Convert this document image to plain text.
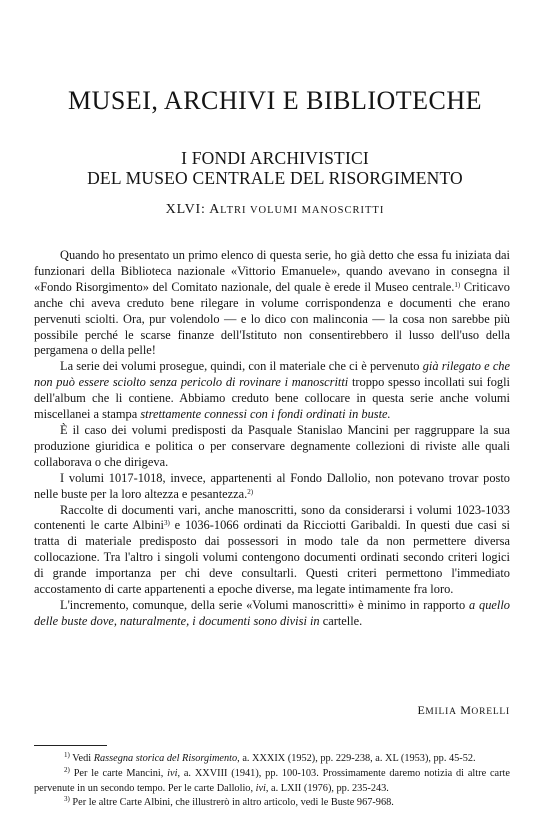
MUSEI, ARCHIVI E BIBLIOTECHE
I FONDI ARCHIVISTICI
DEL MUSEO CENTRALE DEL RISORGIMENTO
XLVI: ALTRI VOLUMI MANOSCRITTI

Quando ho presentato un primo elenco di questa serie, ho già detto che essa fu iniziata dai funzionari della Biblioteca nazionale «Vittorio Emanuele», quando avevano in consegna il «Fondo Risorgimento» del Comitato nazionale, del quale è erede il Museo centrale.$^{1)}$ Criticavo anche chi aveva creduto bene rilegare in volume corrispondenza e documenti che erano pervenuti sciolti. Ora, pur volendolo — e lo dico con malinconia — la cosa non sarebbe più possibile perché le scarse finanze dell'Istituto non consentirebbero il lusso dell'uso della pergamena o della pelle!

La serie dei volumi prosegue, quindi, con il materiale che ci è pervenuto già rilegato e che non può essere sciolto senza pericolo di rovinare i manoscritti troppo spesso incollati sui fogli dell'album che li contiene. Abbiamo creduto bene collocare in questa serie anche volumi miscellanei a stampa strettamente connessi con i fondi ordinati in buste.

È il caso dei volumi predisposti da Pasquale Stanislao Mancini per raggruppare la sua produzione giuridica e politica o per conservare degnamente collezioni di riviste alle quali collaborava o che dirigeva.

I volumi 1017-1018, invece, appartenenti al Fondo Dallolio, non potevano trovar posto nelle buste per la loro altezza e pesantezza.$^{2)}$

Raccolte di documenti vari, anche manoscritti, sono da considerarsi i volumi 1023-1033 contenenti le carte Albini$^{3)}$ e 1036-1066 ordinati da Ricciotti Garibaldi. In questi due casi si tratta di materiale predisposto dai possessori in modo tale da non permettere diversa collocazione. Tra l'altro i singoli volumi contengono documenti ordinati secondo criteri logici di grande importanza per chi deve consultarli. Questi criteri permettono l'immediato accostamento di carte appartenenti a epoche diverse, ma legate intimamente fra loro.

L'incremento, comunque, della serie «Volumi manoscritti» è minimo in rapporto a quello delle buste dove, naturalmente, i documenti sono divisi in cartelle.

EMILIA MORELLI

$^{1)}$ Vedi Rassegna storica del Risorgimento, a. XXXIX (1952), pp. 229-238, a. XL (1953), pp. 45-52.

$^{2)}$ Per le carte Mancini, ivi, a. XXVIII (1941), pp. 100-103. Prossimamente daremo notizia di altre carte pervenute in un secondo tempo. Per le carte Dallolio, ivi, a. LXII (1976), pp. 235-243.

$^{3)}$ Per le altre Carte Albini, che illustrerò in altro articolo, vedi le Buste 967-968.
